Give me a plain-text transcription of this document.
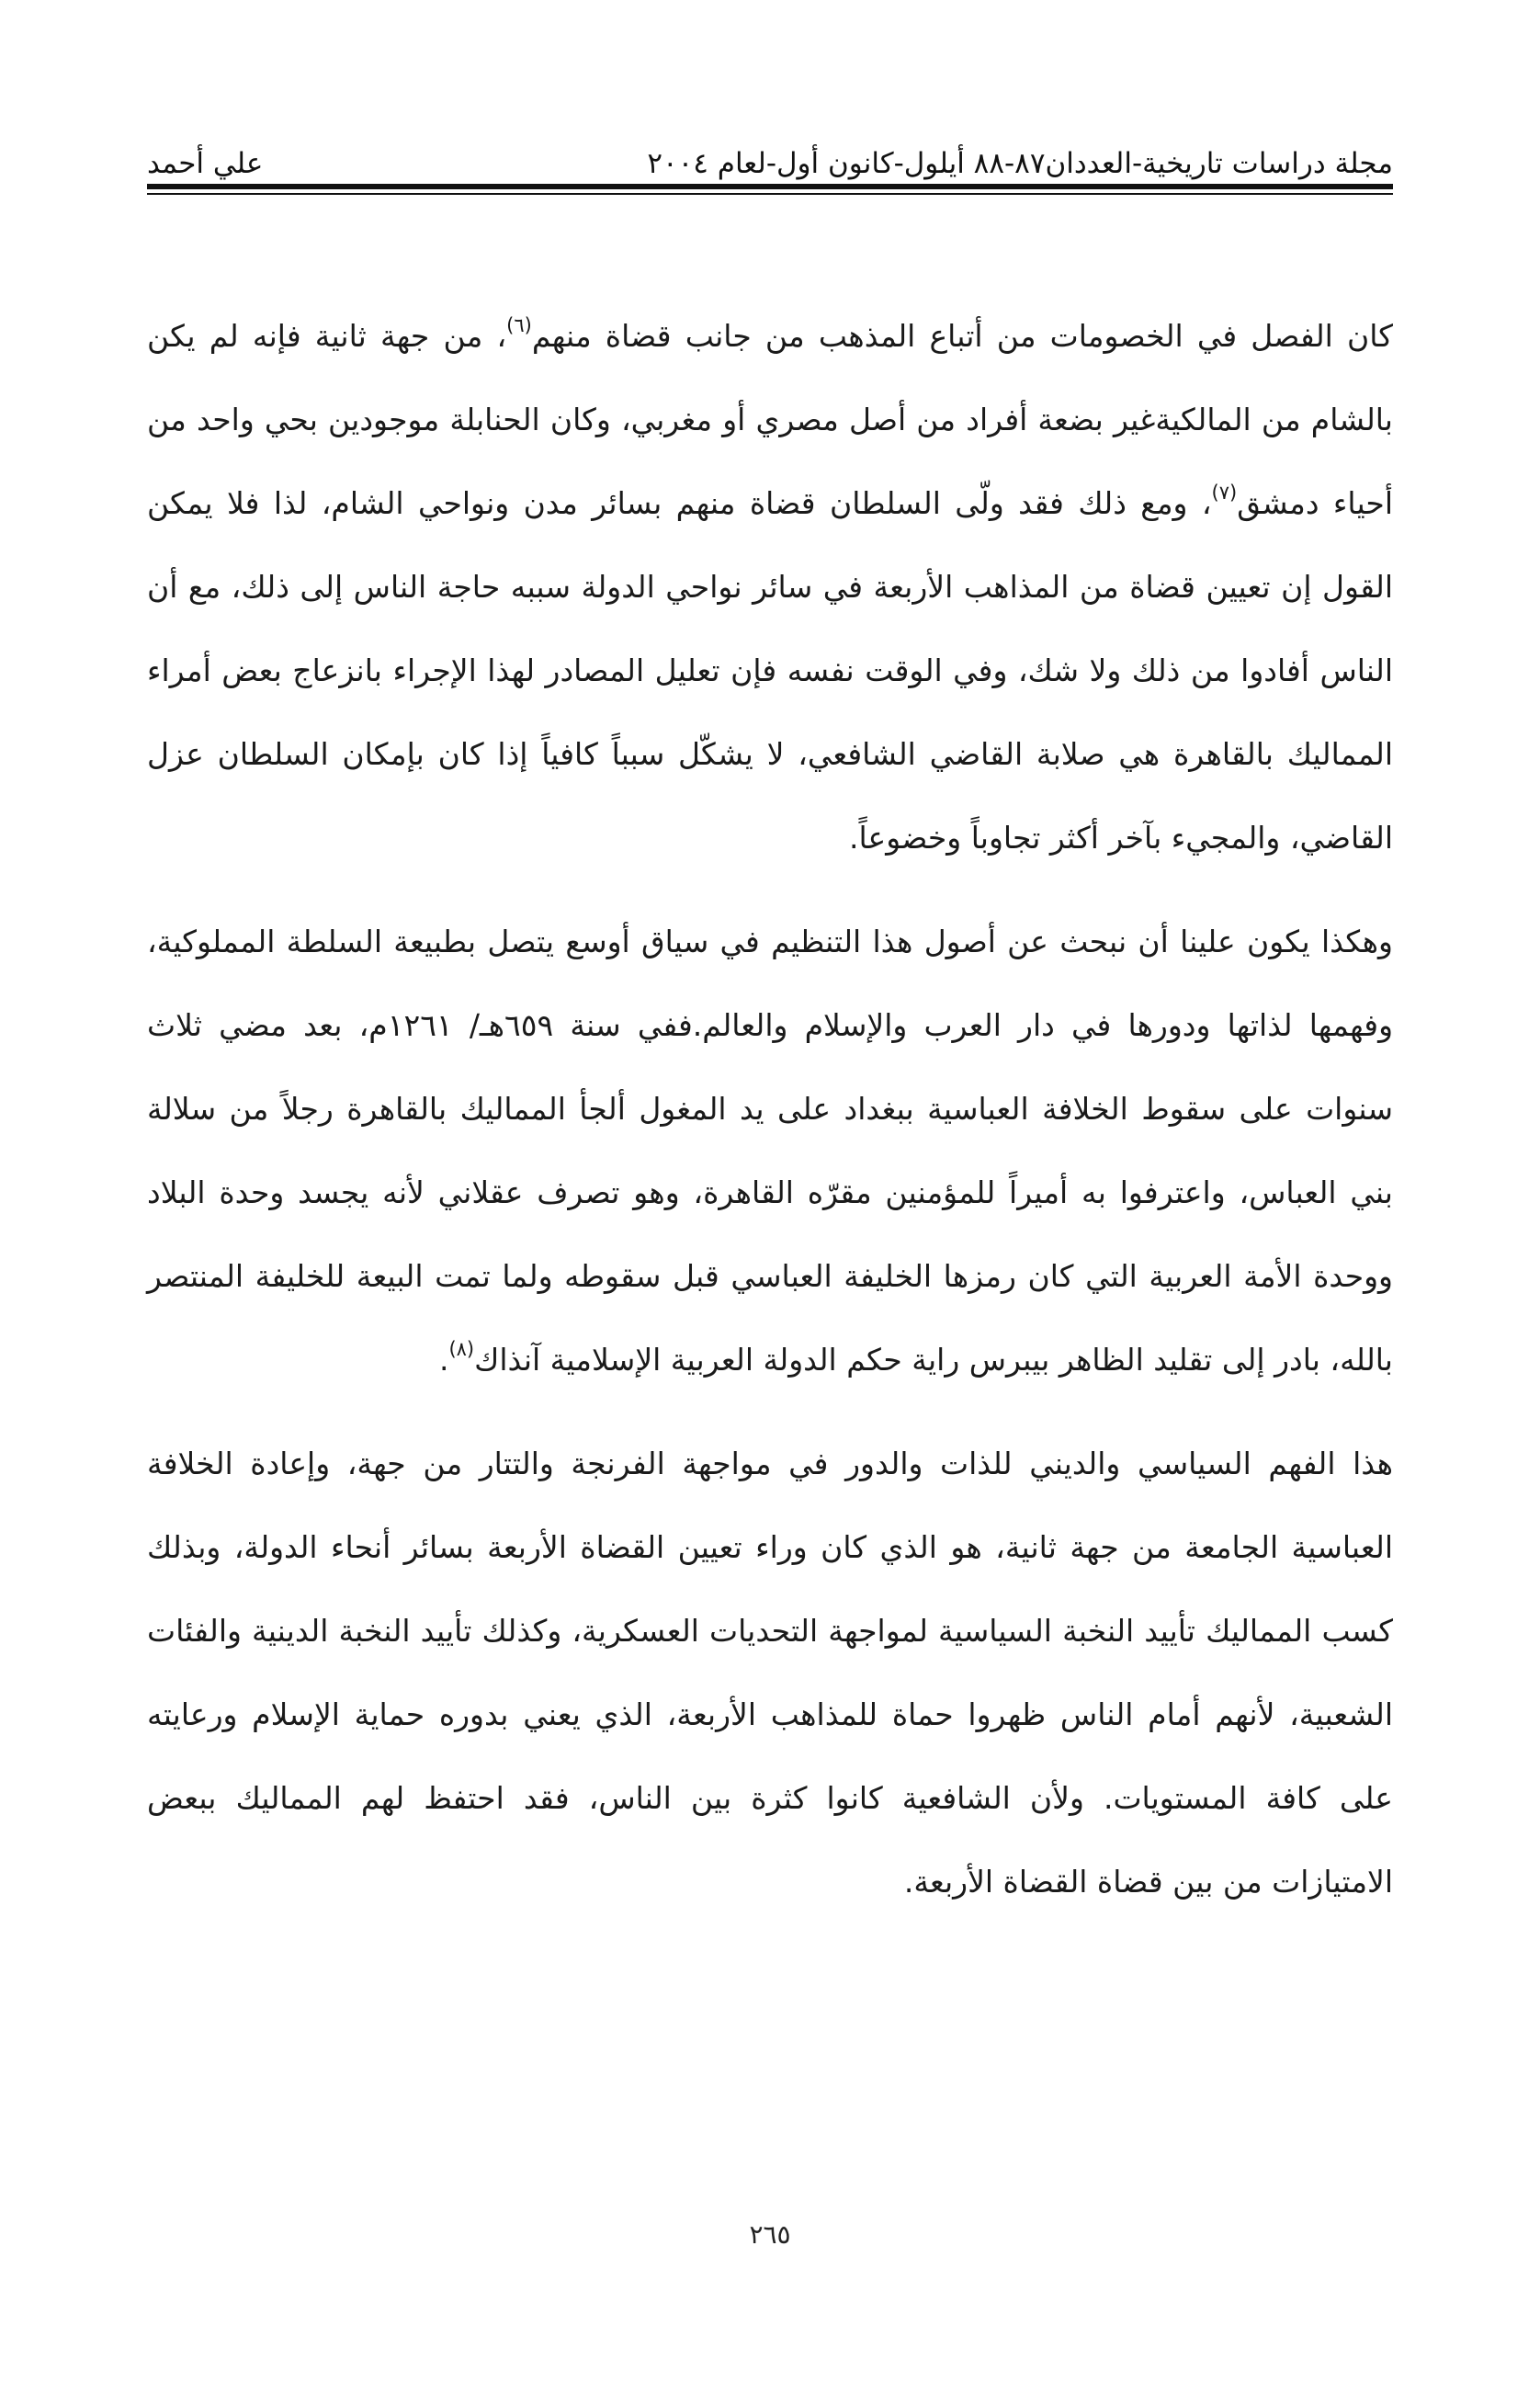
مجلة دراسات تاريخية-العددان٨٧-٨٨ أيلول-كانون أول-لعام ٢٠٠٤
علي أحمد

كان الفصل في الخصومات من أتباع المذهب من جانب قضاة منهم$^{(٦)}$، من جهة ثانية فإنه لم يكن بالشام من المالكيةغير بضعة أفراد من أصل مصري أو مغربي، وكان الحنابلة موجودين بحي واحد من أحياء دمشق$^{(٧)}$، ومع ذلك فقد ولّى السلطان قضاة منهم بسائر مدن ونواحي الشام، لذا فلا يمكن القول إن تعيين قضاة من المذاهب الأربعة في سائر نواحي الدولة سببه حاجة الناس إلى ذلك، مع أن الناس أفادوا من ذلك ولا شك، وفي الوقت نفسه فإن تعليل المصادر لهذا الإجراء بانزعاج بعض أمراء المماليك بالقاهرة هي صلابة القاضي الشافعي، لا يشكّل سبباً كافياً إذا كان بإمكان السلطان عزل القاضي، والمجيء بآخر أكثر تجاوباً وخضوعاً.

وهكذا يكون علينا أن نبحث عن أصول هذا التنظيم في سياق أوسع يتصل بطبيعة السلطة المملوكية، وفهمها لذاتها ودورها في دار العرب والإسلام والعالم.ففي سنة ٦٥٩هـ/ ١٢٦١م، بعد مضي ثلاث سنوات على سقوط الخلافة العباسية ببغداد على يد المغول ألجأ المماليك بالقاهرة رجلاً من سلالة بني العباس، واعترفوا به أميراً للمؤمنين مقرّه القاهرة، وهو تصرف عقلاني لأنه يجسد وحدة البلاد ووحدة الأمة العربية التي كان رمزها الخليفة العباسي قبل سقوطه ولما تمت البيعة للخليفة المنتصر بالله، بادر إلى تقليد الظاهر بيبرس راية حكم الدولة العربية الإسلامية آنذاك$^{(٨)}$.

هذا الفهم السياسي والديني للذات والدور في مواجهة الفرنجة والتتار من جهة، وإعادة الخلافة العباسية الجامعة من جهة ثانية، هو الذي كان وراء تعيين القضاة الأربعة بسائر أنحاء الدولة، وبذلك كسب المماليك تأييد النخبة السياسية لمواجهة التحديات العسكرية، وكذلك تأييد النخبة الدينية والفئات الشعبية، لأنهم أمام الناس ظهروا حماة للمذاهب الأربعة، الذي يعني بدوره حماية الإسلام ورعايته على كافة المستويات. ولأن الشافعية كانوا كثرة بين الناس، فقد احتفظ لهم المماليك ببعض الامتيازات من بين قضاة القضاة الأربعة.

٢٦٥
